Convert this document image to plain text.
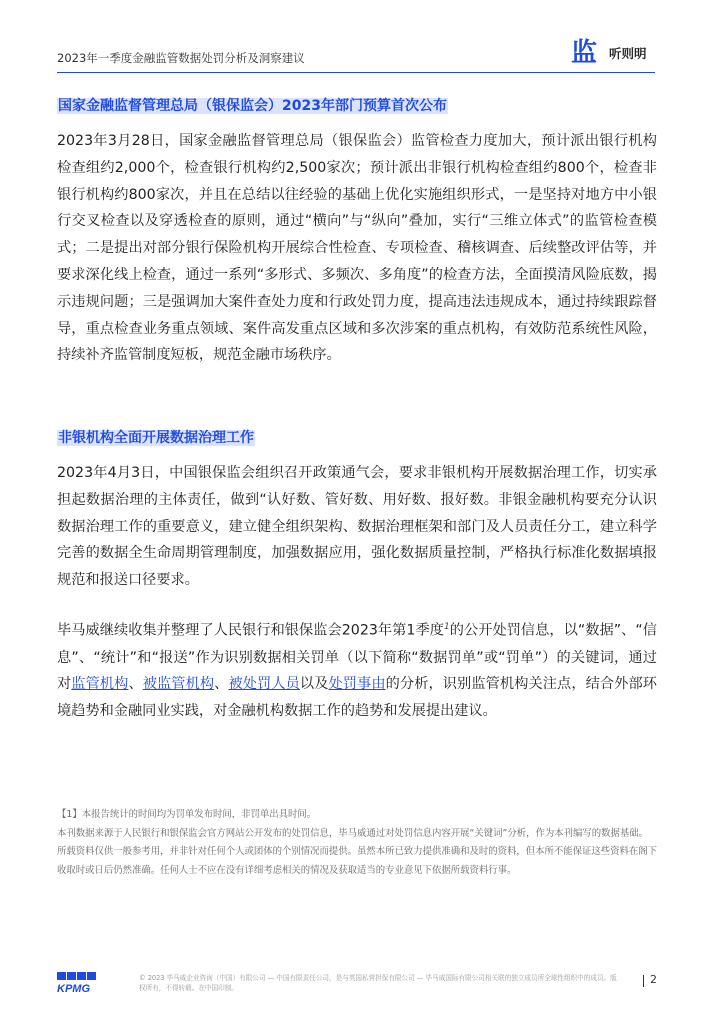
2023年一季度金融监管数据处罚分析及洞察建议	监 听则明
国家金融监督管理总局（银保监会）2023年部门预算首次公布
2023年3月28日，国家金融监督管理总局（银保监会）监管检查力度加大，预计派出银行机构检查组约2,000个，检查银行机构约2,500家次；预计派出非银行机构检查组约800个，检查非银行机构约800家次，并且在总结以往经验的基础上优化实施组织形式，一是坚持对地方中小银行交叉检查以及穿透检查的原则，通过“横向”与“纵向”叠加，实行“三维立体式”的监管检查模式；二是提出对部分银行保险机构开展综合性检查、专项检查、稽核调查、后续整改评估等，并要求深化线上检查，通过一系列“多形式、多频次、多角度”的检查方法，全面摸清风险底数，揭示违规问题；三是强调加大案件查处力度和行政处罚力度，提高违法违规成本，通过持续跟踪督导，重点检查业务重点领域、案件高发重点区域和多次涉案的重点机构，有效防范系统性风险，持续补齐监管制度短板，规范金融市场秩序。
非银机构全面开展数据治理工作
2023年4月3日，中国银保监会组织召开政策通气会，要求非银机构开展数据治理工作，切实承担起数据治理的主体责任，做到“认好数、管好数、用好数、报好数。非银金融机构要充分认识数据治理工作的重要意义，建立健全组织架构、数据治理框架和部门及人员责任分工，建立科学完善的数据全生命周期管理制度，加强数据应用，强化数据质量控制，严格执行标准化数据填报规范和报送口径要求。
毕马威继续收集并整理了人民银行和银保监会2023年第1季度$^1$的公开处罚信息，以“数据”、“信息”、“统计”和“报送”作为识别数据相关罚单（以下简称“数据罚单”或“罚单”）的关键词，通过对监管机构、被监管机构、被处罚人员以及处罚事由的分析，识别监管机构关注点，结合外部环境趋势和金融同业实践，对金融机构数据工作的趋势和发展提出建议。

【1】本报告统计的时间均为罚单发布时间，非罚单出具时间。

本刊数据来源于人民银行和银保监会官方网站公开发布的处罚信息，毕马威通过对处罚信息内容开展“关键词”分析，作为本刊编写的数据基础。

所载资料仅供一般参考用，并非针对任何个人或团体的个别情况而提供。虽然本所已致力提供准确和及时的资料，但本所不能保证这些资料在阁下收取时或日后仍然准确。任何人士不应在没有详细考虑相关的情况及获取适当的专业意见下依据所载资料行事。

KPMG
© 2023 毕马威企业咨询（中国）有限公司 — 中国有限责任公司，是与英国私营担保有限公司 — 毕马威国际有限公司相关联的独立成员所全球性组织中的成员。版权所有，不得转载。在中国印制。
2
